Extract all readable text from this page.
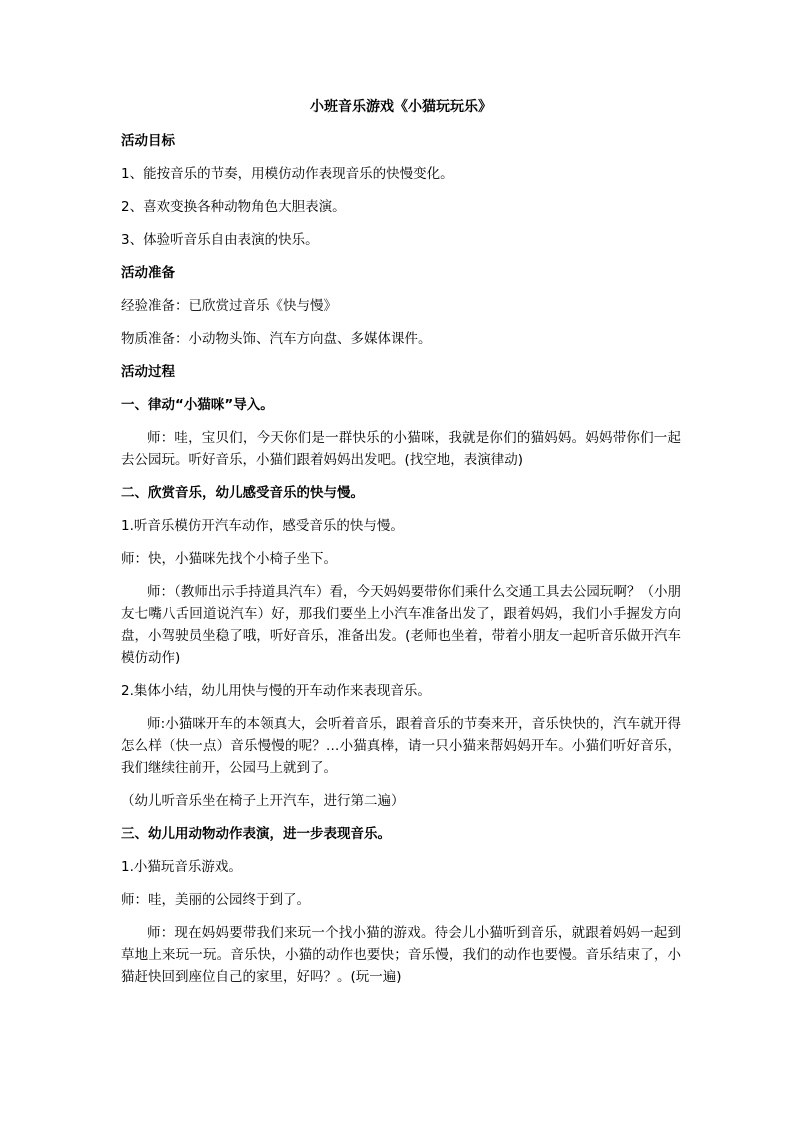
小班音乐游戏《小猫玩玩乐》
活动目标
1、能按音乐的节奏，用模仿动作表现音乐的快慢变化。
2、喜欢变换各种动物角色大胆表演。
3、体验听音乐自由表演的快乐。
活动准备
经验准备：已欣赏过音乐《快与慢》
物质准备：小动物头饰、汽车方向盘、多媒体课件。
活动过程
一、律动“小猫咪”导入。
师：哇，宝贝们，今天你们是一群快乐的小猫咪，我就是你们的猫妈妈。妈妈带你们一起去公园玩。听好音乐，小猫们跟着妈妈出发吧。(找空地，表演律动)
二、欣赏音乐，幼儿感受音乐的快与慢。
1.听音乐模仿开汽车动作，感受音乐的快与慢。
师：快，小猫咪先找个小椅子坐下。
师：（教师出示手持道具汽车）看，今天妈妈要带你们乘什么交通工具去公园玩啊？（小朋友七嘴八舌回道说汽车）好，那我们要坐上小汽车准备出发了，跟着妈妈，我们小手握发方向盘，小驾驶员坐稳了哦，听好音乐，准备出发。(老师也坐着，带着小朋友一起听音乐做开汽车模仿动作)
2.集体小结，幼儿用快与慢的开车动作来表现音乐。
师:小猫咪开车的本领真大，会听着音乐，跟着音乐的节奏来开，音乐快快的，汽车就开得怎么样（快一点）音乐慢慢的呢？…小猫真棒，请一只小猫来帮妈妈开车。小猫们听好音乐，我们继续往前开，公园马上就到了。
（幼儿听音乐坐在椅子上开汽车，进行第二遍）
三、幼儿用动物动作表演，进一步表现音乐。
1.小猫玩音乐游戏。
师：哇，美丽的公园终于到了。
师：现在妈妈要带我们来玩一个找小猫的游戏。待会儿小猫听到音乐，就跟着妈妈一起到草地上来玩一玩。音乐快，小猫的动作也要快；音乐慢，我们的动作也要慢。音乐结束了，小猫赶快回到座位自己的家里，好吗？。(玩一遍)
